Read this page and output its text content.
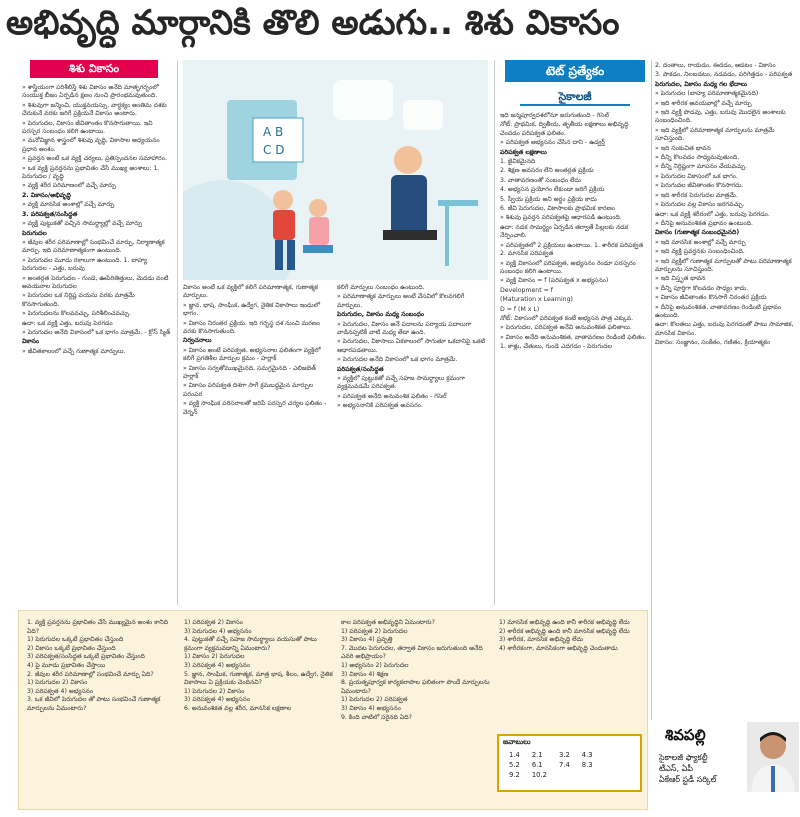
అభివృద్ధి మార్గానికి తొలి అడుగు.. శిశు వికాసం
శిశు వికాసం

» శాస్త్రీయంగా పరిశీలిస్తే శిశు వికాసం అనేది మాతృగర్భంలో సంయుక్త బీజం ఏర్పడిన క్షణం నుంచి ప్రారంభమవుతుంది.

» శిశువుగా జన్మించి, యుక్తవయస్సు, వార్ధక్యం అంతిమ దశకు చేరుకునే వరకు జరిగే ప్రక్రియనే వికాసం అంటారు.

» పెరుగుదల, వికాసం జీవితాంతం కొనసాగుతాయి. ఇవి పరస్పర సంబంధం కలిగి ఉంటాయి.

» మనోవిజ్ఞాన శాస్త్రంలో శిశువు వృద్ధి, వికాసాల అధ్యయనం ప్రధాన అంశం.

» ప్రవర్తన అంటే ఒక వ్యక్తి చర్యలు, ప్రతిస్పందనల సమాహారం.

» ఒక వ్యక్తి ప్రవర్తనను ప్రభావితం చేసే ముఖ్య అంశాలు: 1. పెరుగుదల / వృద్ధి

» వ్యక్తి శరీర పరిమాణంలో వచ్చే మార్పు

2. వికాసం/అభివృద్ధి

» వ్యక్తి మానసిక అంశాల్లో వచ్చే మార్పు

3. పరిపక్వత/సంసిద్ధత

» వ్యక్తి పుట్టుకతో వచ్చిన సామర్థ్యాల్లో వచ్చే మార్పు

పెరుగుదల

» జీవుల శరీర పరిమాణాల్లో సంభవించే మార్పు, నిర్మాణాత్మక మార్పు. ఇది పరిమాణాత్మకంగా ఉంటుంది.

» పెరుగుదల మూడు రకాలుగా ఉంటుంది. 1. బాహ్య పెరుగుదల - ఎత్తు, బరువు

» అంతర్గత పెరుగుదల - గుండె, ఊపిరితిత్తులు, మెదడు వంటి అవయవాల పెరుగుదల

» పెరుగుదల ఒక నిర్దిష్ట వయసు వరకు మాత్రమే కొనసాగుతుంది.

» పెరుగుదలను కొలవవచ్చు, పరిశీలించవచ్చు.

ఉదా: ఒక వ్యక్తి ఎత్తు, బరువు పెరగడం

» పెరుగుదల అనేది వికాసంలో ఒక భాగం మాత్రమే. - క్రోస్ స్మిత్

వికాసం

» జీవితకాలంలో వచ్చే గుణాత్మక మార్పులు.

A B
C D

వికాసం అంటే ఒక వ్యక్తిలో కలిగే పరిమాణాత్మక, గుణాత్మక మార్పులు.

» జ్ఞాన, భాష, సాంఘిక, ఉద్వేగ, నైతిక వికాసాలు ఇందులో భాగం.

» వికాసం నిరంతర ప్రక్రియ. ఇది గర్భస్థ దశ నుంచి మరణం వరకు కొనసాగుతుంది.

నిర్వచనాలు

» వికాసం అంటే పరిపక్వత, అభ్యసనాల ఫలితంగా వ్యక్తిలో కలిగే ప్రగతిశీల మార్పుల క్రమం - హర్లాక్

» వికాసం సర్వతోముఖమైనది, సమగ్రమైనది - ఎలిజబెత్ హర్లాక్

» వికాసం పరిపక్వత దిశగా సాగే క్రమబద్ధమైన మార్పుల పరంపర

» వ్యక్తి సాంఘిక పరిసరాలతో జరిపే పరస్పర చర్యల ఫలితం - వెర్నన్

కలిగే మార్పులు సంబంధం ఉంటుంది.

» పరిమాణాత్మక మార్పులు అంటే వేసవిలో కొలవగలిగే మార్పులు.

పెరుగుదల, వికాసం మధ్య సంబంధం

» పెరుగుదల, వికాసం అనే పదాలను పర్యాయ పదాలుగా వాడినప్పటికీ వాటి మధ్య తేడా ఉంది.

» పెరుగుదల, వికాసాలు ఏకకాలంలో సాగుతూ ఒకదానిపై ఒకటి ఆధారపడతాయి.

» పెరుగుదల అనేది వికాసంలో ఒక భాగం మాత్రమే.

పరిపక్వత/సంసిద్ధత

» వ్యక్తిలో పుట్టుకతో వచ్చే సహజ సామర్థ్యాలు క్రమంగా వ్యక్తమవడమే పరిపక్వత.

» పరిపక్వత అనేది అనువంశిక ఫలితం - గెసెల్

» అభ్యసనానికి పరిపక్వత అవసరం.

టెట్ ప్రత్యేకం
సైకాలజీ

ఇది జన్మపూర్వదశలోనూ జరుగుతుంది - గెసెల్

నోట్: ప్రాథమిక, ద్వితీయ, తృతీయ లక్షణాలు అభివృద్ధి చెందడం పరిపక్వత ఫలితం.

» పరిపక్వత అభ్యసనం చేసిన దాని - ఉడ్వర్త్

పరిపక్వత లక్షణాలు

1. జైవికమైనది

2. శిక్షణ అవసరం లేని అంతర్గత ప్రక్రియ

3. వాతావరణంతో సంబంధం లేదు

4. అభ్యసన ప్రయోగం లేకుండా జరిగే ప్రక్రియ

5. స్వీయ ప్రక్రియ అని అర్థం ప్రక్రియ కాదు

6. జీవి పెరుగుదల, వికాసాలకు ప్రాథమిక కారణం

» శిశువు ప్రవర్తన పరిపక్వతపై ఆధారపడి ఉంటుంది.

ఉదా: నడక సామర్థ్యం ఏర్పడిన తర్వాతే పిల్లలకు నడక నేర్పించాలి.

» పరిపక్వతలో 2 ప్రక్రియలు ఉంటాయి. 1. శారీరక పరిపక్వత 2. మానసిక పరిపక్వత

» వ్యక్తి వికాసంలో పరిపక్వత, అభ్యసనం రెండూ పరస్పరం సంబంధం కలిగి ఉంటాయి.

» వ్యక్తి వికాసం = f (పరిపక్వత x అభ్యసనం)

Development = f

(Maturation x Learning)

D = f (M x L)

నోట్: వికాసంలో పరిపక్వత కంటే అభ్యసన పాత్ర ఎక్కువ.

» పెరుగుదల, పరిపక్వత అనేవి అనువంశికత ఫలితాలు.

» వికాసం అనేది అనువంశికత, వాతావరణం రెండింటి ఫలితం.

1. కాళ్లు, చేతులు, గుండె ఎదగడం - పెరుగుదల

2. దంతాలు, రాయడం, ఈదడం, ఆడటం - వికాసం

3. పాకడం, నిలబడటం, నడవడం, పరిగెత్తడం - పరిపక్వత

పెరుగుదల, వికాసం మధ్య గల భేదాలు

» పెరుగుదల (బాహ్య పరిమాణాత్మకమైనది)

» ఇది శారీరక అవయవాల్లో వచ్చే మార్పు

» ఇది వ్యక్తి పొడవు, ఎత్తు, బరువు మొదలైన అంశాలకు సంబంధించింది.

» ఇది వ్యక్తిలో పరిమాణాత్మక మార్పులను మాత్రమే సూచిస్తుంది.

» ఇది సంకుచిత భావన

» దీన్ని కొలవడం సాధ్యమవుతుంది.

» దీన్ని నిర్దిష్టంగా మాపనం చేయవచ్చు.

» పెరుగుదల వికాసంలో ఒక భాగం.

» పెరుగుదల జీవితాంతం కొనసాగదు.

» ఇది శారీరక పెరుగుదల మాత్రమే.

» పెరుగుదల వల్ల వికాసం జరగవచ్చు.

ఉదా: ఒక వ్యక్తి శరీరంలో ఎత్తు, బరువు పెరగడం.

» దీనిపై అనువంశికత ప్రభావం ఉంటుంది.

వికాసం (గుణాత్మక సంబంధమైనది)

» ఇది మానసిక అంశాల్లో వచ్చే మార్పు

» ఇది వ్యక్తి ప్రవర్తనకు సంబంధించింది.

» ఇది వ్యక్తిలో గుణాత్మక మార్పులతో పాటు పరిమాణాత్మక మార్పులను సూచిస్తుంది.

» ఇది విస్తృత భావన

» దీన్ని పూర్తిగా కొలవడం సాధ్యం కాదు.

» వికాసం జీవితాంతం కొనసాగే నిరంతర ప్రక్రియ

» దీనిపై అనువంశికత, వాతావరణం రెండింటి ప్రభావం ఉంటుంది.

ఉదా: కొలతలు ఎత్తు, బరువు పెరగడంతో పాటు సామాజిక, మానసిక వికాసం.

వికాసం: సంజ్ఞానం, సంకేతం, గణితం, క్రియాత్మకం

1. వ్యక్తి ప్రవర్తనను ప్రభావితం చేసే ముఖ్యమైన అంశం కానిది ఏది?

1) పెరుగుదల ఒక్కటే ప్రభావితం చేస్తుంది

2) వికాసం ఒక్కటే ప్రభావితం చేస్తుంది

3) పరిపక్వత/సంసిద్ధత ఒక్కటే ప్రభావితం చేస్తుంది

4) పై మూడు ప్రభావితం చేస్తాయి

2. జీవుల శరీర పరిమాణాల్లో సంభవించే మార్పు ఏది?

1) పెరుగుదల 2) వికాసం

3) పరిపక్వత 4) అభ్యసనం

3. ఒక జీవిలో పెరుగుదల తో పాటు సంభవించే గుణాత్మక మార్పులను ఏమంటారు?

1) పరిపక్వత 2) వికాసం

3) పెరుగుదల 4) అభ్యసనం

4. పుట్టుకతో వచ్చే సహజ సామర్థ్యాలు వయసుతో పాటు క్రమంగా వ్యక్తమవడాన్ని ఏమంటారు?

1) వికాసం 2) పెరుగుదల

3) పరిపక్వత 4) అభ్యసనం

5. జ్ఞాన, సాంఘిక, గుణాత్మక, మాత్ర భాష, శీలం, ఉద్వేగ, నైతిక వికాసాలు ఏ ప్రక్రియకు చెందినవి?

1) పెరుగుదల 2) వికాసం

3) పరిపక్వత 4) అభ్యసనం

6. అనువంశికత వల్ల శరీర, మానసిక లక్షణాల

కాల పరిపక్వత అభివృద్ధిని ఏమంటారు?

1) పరిపక్వత 2) పెరుగుదల

3) వికాసం 4) ప్రవృత్తి

7. మొదట పెరుగుదల, తర్వాత వికాసం జరుగుతుంది అనేది ఎవరి అభిప్రాయం?

1) అభ్యసనం 2) పెరుగుదల

3) వికాసం 4) శిక్షణ

8. ప్రయత్నపూర్వక కార్యకలాపాల ఫలితంగా పొందే మార్పులను ఏమంటారు?

1) పెరుగుదల 2) పరిపక్వత

3) వికాసం 4) అభ్యసనం

9. కింది వాటిలో సరైనది ఏది?

1) మానసిక అభివృద్ధి ఉంది కానీ శారీరక అభివృద్ధి లేదు

2) శారీరక అభివృద్ధి ఉంది కానీ మానసిక అభివృద్ధి లేదు

3) శారీరక, మానసిక అభివృద్ధి లేదు

4) శారీరకంగా, మానసికంగా అభివృద్ధి చెందుతాడు

జవాబులు
1.4	2.1	3.2	4.3
5.2	6.1	7.4	8.3
9.2	10.2		
శివపల్లి
సైకాలజీ ఫ్యాకల్టీ
టీఎస్, ఏపీ
ఏకేఆర్ స్టడీ సర్కిల్
